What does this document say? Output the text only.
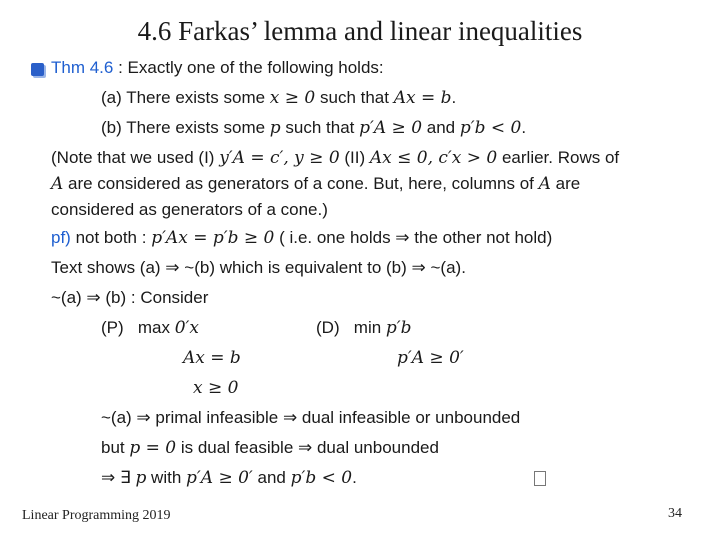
4.6 Farkas’ lemma and linear inequalities
Thm 4.6 : Exactly one of the following holds:
(a) There exists some x ≥ 0 such that Ax = b.
(b) There exists some p such that p′A ≥ 0 and p′b < 0.
(Note that we used (I) y′A = c′, y ≥ 0 (II) Ax ≤ 0, c′x > 0 earlier. Rows of
A are considered as generators of a cone. But, here, columns of A are
considered as generators of a cone.)
pf) not both : p′Ax = p′b ≥ 0 ( i.e. one holds ⇒ the other not hold)
Text shows (a) ⇒ ~(b) which is equivalent to (b) ⇒ ~(a).
~(a) ⇒ (b) : Consider
(P) max 0′x	(D) min p′b
Ax = b	p′A ≥ 0′
x ≥ 0
~(a) ⇒ primal infeasible ⇒ dual infeasible or unbounded
but p = 0 is dual feasible ⇒ dual unbounded
⇒ ∃ p with p′A ≥ 0′ and p′b < 0.
Linear Programming 2019	34
